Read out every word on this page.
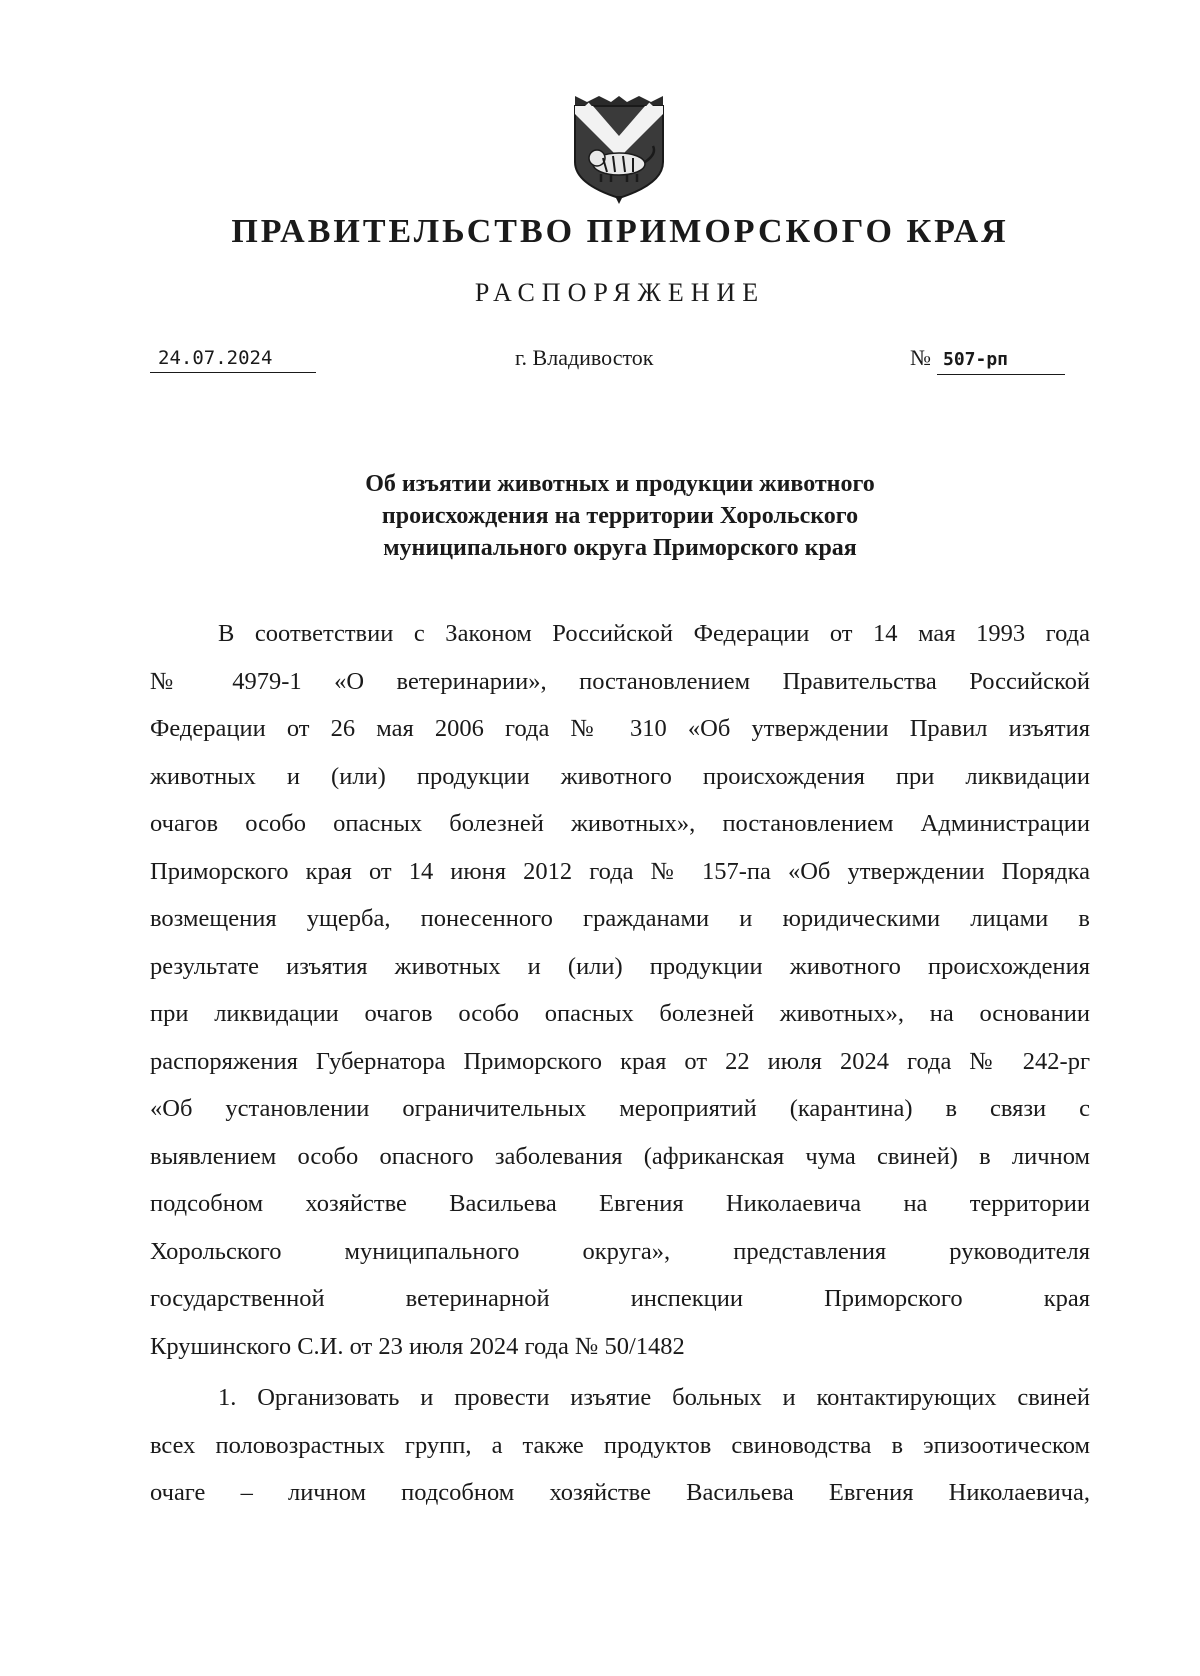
ПРАВИТЕЛЬСТВО ПРИМОРСКОГО КРАЯ
РАСПОРЯЖЕНИЕ
24.07.2024	г. Владивосток	№ 507-рп
Об изъятии животных и продукции животного
происхождения на территории Хорольского
муниципального округа Приморского края
В соответствии с Законом Российской Федерации от 14 мая 1993 года
№ 4979-1 «О ветеринарии», постановлением Правительства Российской
Федерации от 26 мая 2006 года № 310 «Об утверждении Правил изъятия
животных и (или) продукции животного происхождения при ликвидации
очагов особо опасных болезней животных», постановлением Администрации
Приморского края от 14 июня 2012 года № 157-па «Об утверждении Порядка
возмещения ущерба, понесенного гражданами и юридическими лицами в
результате изъятия животных и (или) продукции животного происхождения
при ликвидации очагов особо опасных болезней животных», на основании
распоряжения Губернатора Приморского края от 22 июля 2024 года № 242-рг
«Об установлении ограничительных мероприятий (карантина) в связи с
выявлением особо опасного заболевания (африканская чума свиней) в личном
подсобном хозяйстве Васильева Евгения Николаевича на территории
Хорольского муниципального округа», представления руководителя
государственной ветеринарной инспекции Приморского края
Крушинского С.И. от 23 июля 2024 года № 50/1482
1. Организовать и провести изъятие больных и контактирующих свиней
всех половозрастных групп, а также продуктов свиноводства в эпизоотическом
очаге – личном подсобном хозяйстве Васильева Евгения Николаевича,
